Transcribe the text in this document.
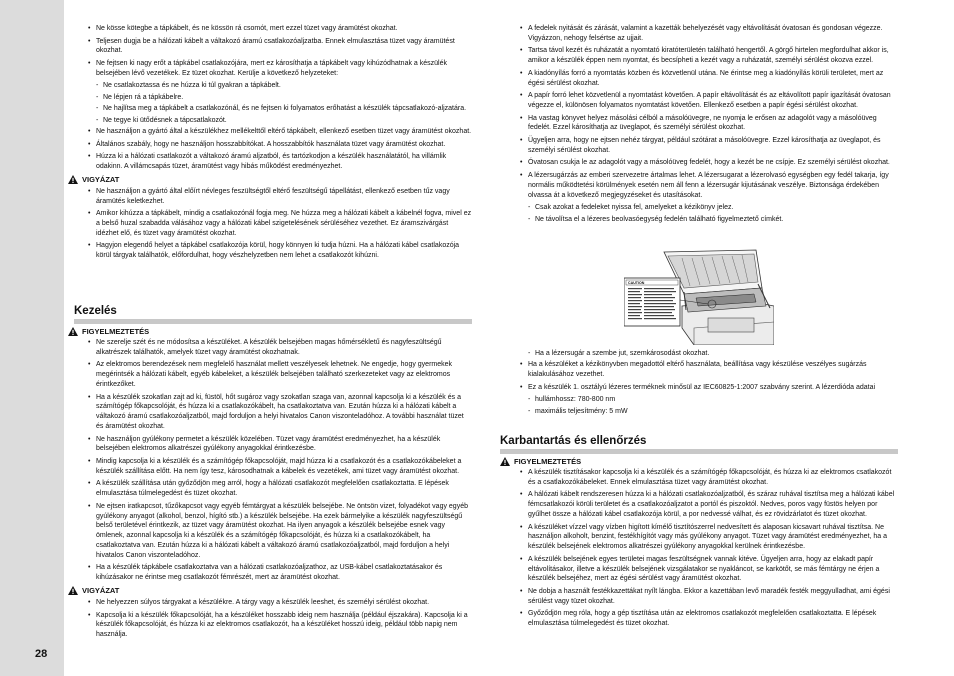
28
• Ne kösse kötegbe a tápkábelt, és ne kössön rá csomót, mert ezzel tüzet vagy áramütést okozhat.
• Teljesen dugja be a hálózati kábelt a váltakozó áramú csatlakozóaljzatba. Ennek elmulasztása tüzet vagy áramütést okozhat.
• Ne fejtsen ki nagy erőt a tápkábel csatlakozójára, mert ez károsíthatja a tápkábelt vagy kihúzódhatnak a készülék belsejében lévő vezetékek. Ez tüzet okozhat. Kerülje a következő helyzeteket:
- Ne csatlakoztassa és ne húzza ki túl gyakran a tápkábelt.
- Ne lépjen rá a tápkábelre.
- Ne hajlítsa meg a tápkábelt a csatlakozónál, és ne fejtsen ki folyamatos erőhatást a készülék tápcsatlakozó-aljzatára.
- Ne tegye ki ütődésnek a tápcsatlakozót.
• Ne használjon a gyártó által a készülékhez mellékelttől eltérő tápkábelt, ellenkező esetben tüzet vagy áramütést okozhat.
• Általános szabály, hogy ne használjon hosszabbítókat. A hosszabbítók használata tüzet vagy áramütést okozhat.
• Húzza ki a hálózati csatlakozót a váltakozó áramú aljzatból, és tartózkodjon a készülék használatától, ha villámlik odakinn. A villámcsapás tüzet, áramütést vagy hibás működést eredményezhet.
VIGYÁZAT
• Ne használjon a gyártó által előírt névleges feszültségtől eltérő feszültségű tápellátást, ellenkező esetben tűz vagy áramütés keletkezhet.
• Amikor kihúzza a tápkábelt, mindig a csatlakozónál fogja meg. Ne húzza meg a hálózati kábelt a kábelnél fogva, mivel ez a belső huzal szabadda válásához vagy a hálózati kábel szigetelésének sérüléséhez vezethet. Ez áramszivárgást idézhet elő, és tüzet vagy áramütést okozhat.
• Hagyjon elegendő helyet a tápkábel csatlakozója körül, hogy könnyen ki tudja húzni. Ha a hálózati kábel csatlakozója körül tárgyak találhatók, előfordulhat, hogy vészhelyzetben nem lehet a csatlakozót kihúzni.
Kezelés
FIGYELMEZTETÉS
• Ne szerelje szét és ne módosítsa a készüléket. A készülék belsejében magas hőmérsékletű és nagyfeszültségű alkatrészek találhatók, amelyek tüzet vagy áramütést okozhatnak.
• Az elektromos berendezések nem megfelelő használat mellett veszélyesek lehetnek. Ne engedje, hogy gyermekek megérintsék a hálózati kábelt, egyéb kábeleket, a készülék belsejében található szerkezeteket vagy az elektromos érintkezőket.
• Ha a készülék szokatlan zajt ad ki, füstöl, hőt sugároz vagy szokatlan szaga van, azonnal kapcsolja ki a készülék és a számítógép főkapcsolóját, és húzza ki a csatlakozókábelt, ha csatlakoztatva van. Ezután húzza ki a hálózati kábelt a váltakozó áramú csatlakozóaljzatból, majd forduljon a helyi hivatalos Canon viszonteladóhoz. A további használat tüzet és áramütést okozhat.
• Ne használjon gyúlékony permetet a készülék közelében. Tüzet vagy áramütést eredményezhet, ha a készülék belsejében elektromos alkatrészei gyúlékony anyagokkal érintkezésbe.
• Mindig kapcsolja ki a készülék és a számítógép főkapcsolóját, majd húzza ki a csatlakozót és a csatlakozókábeleket a készülék szállítása előtt. Ha nem így tesz, károsodhatnak a kábelek és vezetékek, ami tüzet vagy áramütést okozhat.
• A készülék szállítása után győződjön meg arról, hogy a hálózati csatlakozót megfelelően csatlakoztatta. E lépések elmulasztása túlmelegedést és tüzet okozhat.
• Ne ejtsen iratkapcsot, tűzőkapcsot vagy egyéb fémtárgyat a készülék belsejébe. Ne öntsön vizet, folyadékot vagy egyéb gyúlékony anyagot (alkohol, benzol, hígító stb.) a készülék belsejébe. Ha ezek bármelyike a készülék nagyfeszültségű belső területével érintkezik, az tüzet vagy áramütést okozhat. Ha ilyen anyagok a készülék belsejébe esnek vagy ömlenek, azonnal kapcsolja ki a készülék és a számítógép főkapcsolóját, és húzza ki a csatlakozókábelt, ha csatlakoztatva van. Ezután húzza ki a hálózati kábelt a váltakozó áramú csatlakozóaljzatból, majd forduljon a helyi hivatalos Canon viszonteladóhoz.
• Ha a készülék tápkábele csatlakoztatva van a hálózati csatlakozóaljzathoz, az USB-kábel csatlakoztatásakor és kihúzásakor ne érintse meg csatlakozót fémrészét, mert az áramütést okozhat.
VIGYÁZAT
• Ne helyezzen súlyos tárgyakat a készülékre. A tárgy vagy a készülék leeshet, és személyi sérülést okozhat.
• Kapcsolja ki a készülék főkapcsolóját, ha a készüléket hosszabb ideig nem használja (például éjszakára). Kapcsolja ki a készülék főkapcsolóját, és húzza ki az elektromos csatlakozót, ha a készüléket hosszú ideig, például több napig nem használja.
• A fedelek nyitását és zárását, valamint a kazetták behelyezését vagy eltávolítását óvatosan és gondosan végezze. Vigyázzon, nehogy felsértse az ujjait.
• Tartsa távol kezét és ruházatát a nyomtató kiratóterületén található hengertől. A görgő hirtelen megfordulhat akkor is, amikor a készülék éppen nem nyomtat, és becsípheti a kezét vagy a ruházatát, személyi sérülést okozva ezzel.
• A kiadónyílás forró a nyomtatás közben és közvetlenül utána. Ne érintse meg a kiadónyílás körüli területet, mert az égési sérülést okozhat.
• A papír forró lehet közvetlenül a nyomtatást követően. A papír eltávolítását és az eltávolított papír igazítását óvatosan végezze el, különösen folyamatos nyomtatást követően. Ellenkező esetben a papír égési sérülést okozhat.
• Ha vastag könyvet helyez másolási célból a másolóüvegre, ne nyomja le erősen az adagolót vagy a másolóüveg fedelét. Ezzel károsíthatja az üveglapot, és személyi sérülést okozhat.
• Ügyeljen arra, hogy ne ejtsen nehéz tárgyat, például szótárat a másolóüvegre. Ezzel károsíthatja az üveglapot, és személyi sérülést okozhat.
• Óvatosan csukja le az adagolót vagy a másolóüveg fedelét, hogy a kezét be ne csípje. Ez személyi sérülést okozhat.
• A lézersugárzás az emberi szervezetre ártalmas lehet. A lézersugarat a lézerolvasó egységben egy fedél takarja, így normális működtetési körülmények esetén nem áll fenn a lézersugár kijutásának veszélye. Biztonsága érdekében olvassa át a következő megjegyzéseket és utasításokat.
- Csak azokat a fedeleket nyissa fel, amelyeket a kézikönyv jelez.
- Ne távolítsa el a lézeres beolvasóegység fedelén található figyelmeztető címkét.
CAUTION
- Ha a lézersugár a szembe jut, szemkárosodást okozhat.
• Ha a készüléket a kézikönyvben megadottól eltérő használata, beállítása vagy készülése veszélyes sugárzás kialakulásához vezethet.
• Ez a készülék 1. osztályú lézeres terméknek minősül az IEC60825-1:2007 szabvány szerint. A lézerdióda adatai
- hullámhossz: 780-800 nm
- maximális teljesítmény: 5 mW
Karbantartás és ellenőrzés
FIGYELMEZTETÉS
• A készülék tisztításakor kapcsolja ki a készülék és a számítógép főkapcsolóját, és húzza ki az elektromos csatlakozót és a csatlakozókábeleket. Ennek elmulasztása tüzet vagy áramütést okozhat.
• A hálózati kábelt rendszeresen húzza ki a hálózati csatlakozóaljzatból, és száraz ruhával tisztítsa meg a hálózati kábel fémcsatlakozói körüli területet és a csatlakozóaljzatot a portól és piszoktól. Nedves, poros vagy füstös helyen por gyűlhet össze a hálózati kábel csatlakozója körül, a por nedvessé válhat, és ez rövidzárlatot és tüzet okozhat.
• A készüléket vízzel vagy vízben higított kímélő tisztítószerrel nedvesített és alaposan kicsavart ruhával tisztítsa. Ne használjon alkoholt, benzint, festékhígítót vagy más gyúlékony anyagot. Tüzet vagy áramütést eredményezhet, ha a készülék belsejének elektromos alkatrészei gyúlékony anyagokkal kerülnek érintkezésbe.
• A készülék belsejének egyes területei magas feszültségnek vannak kitéve. Ügyeljen arra, hogy az elakadt papír eltávolításakor, illetve a készülék belsejének vizsgálatakor se nyakláncot, se karkötőt, se más fémtárgy ne érjen a készülék belsejéhez, mert az égési sérülést vagy áramütést okozhat.
• Ne dobja a használt festékkazettákat nyílt lángba. Ekkor a kazettában levő maradék festék meggyulladhat, ami égési sérülést vagy tüzet okozhat.
• Győződjön meg róla, hogy a gép tisztítása után az elektromos csatlakozót megfelelően csatlakoztatta. E lépések elmulasztása túlmelegedést és tüzet okozhat.
